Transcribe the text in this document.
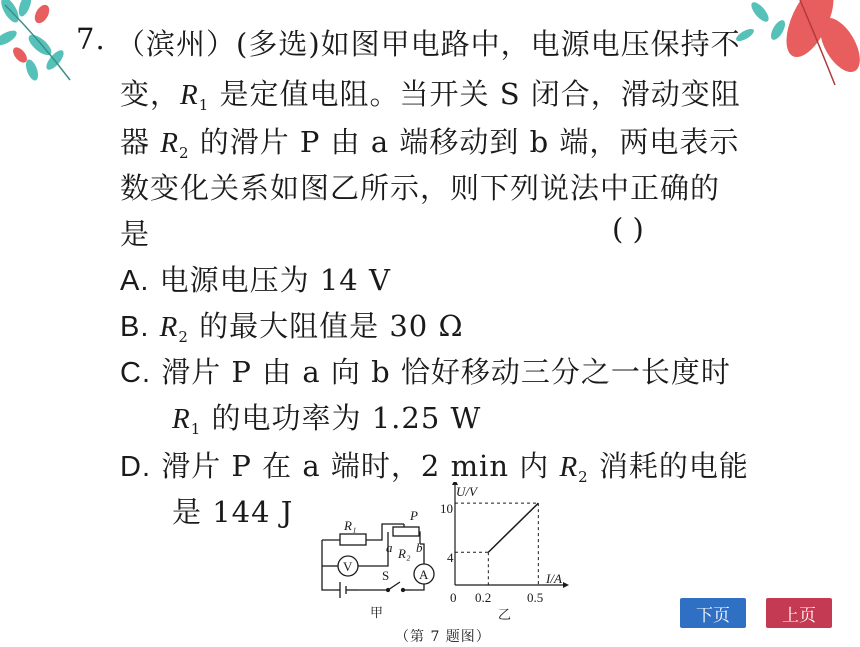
7. （滨州）(多选)如图甲电路中，电源电压保持不
变，$R_1$ 是定值电阻。当开关 S 闭合，滑动变阻
器 $R_2$ 的滑片 P 由 a 端移动到 b 端，两电表示
数变化关系如图乙所示，则下列说法中正确的
是	( )
A. 电源电压为 14 V
B. $R_2$ 的最大阻值是 30 Ω
C. 滑片 P 由 a 向 b 恰好移动三分之一长度时
$R_1$ 的电功率为 1.25 W
D. 滑片 P 在 a 端时，2 min 内 $R_2$ 消耗的电能
是 144 J	R₁
P
a b
R₂
V
A
S
甲
U/V
I/A
0
10
4
0.2	0.5
乙
（第 7 题图）
下页	上页
